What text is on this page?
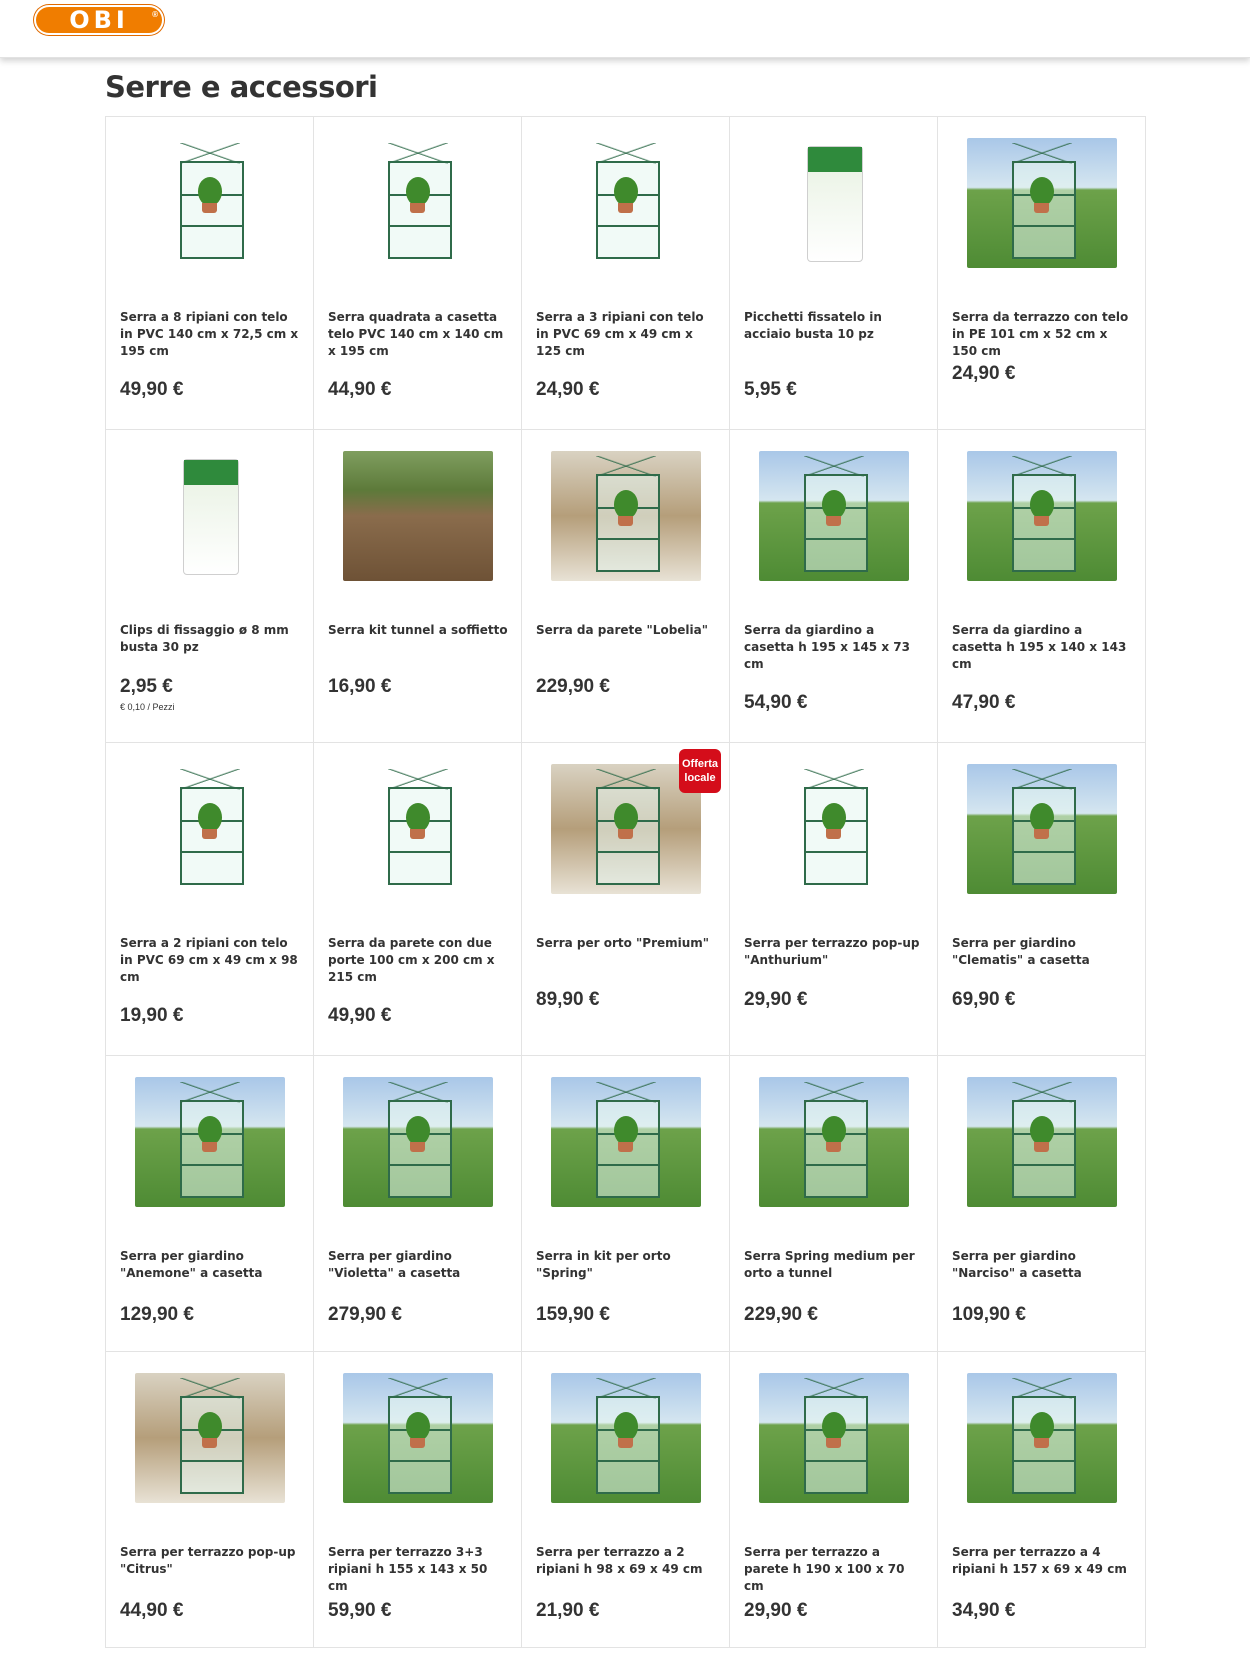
OBI	®
Serre e accessori
Serra a 8 ripiani con telo in PVC 140 cm x 72,5 cm x 195 cm
49,90 €
Serra quadrata a casetta telo PVC 140 cm x 140 cm x 195 cm
44,90 €
Serra a 3 ripiani con telo in PVC 69 cm x 49 cm x 125 cm
24,90 €
Picchetti fissatelo in acciaio busta 10 pz
5,95 €
Serra da terrazzo con telo in PE 101 cm x 52 cm x 150 cm
24,90 €
Clips di fissaggio ø 8 mm busta 30 pz
2,95 €
€ 0,10 / Pezzi
Serra kit tunnel a soffietto
16,90 €
Serra da parete "Lobelia"
229,90 €
Serra da giardino a casetta h 195 x 145 x 73 cm
54,90 €
Serra da giardino a casetta h 195 x 140 x 143 cm
47,90 €
Serra a 2 ripiani con telo in PVC 69 cm x 49 cm x 98 cm
19,90 €
Serra da parete con due porte 100 cm x 200 cm x 215 cm
49,90 €
Offerta
locale
Serra per orto "Premium"
89,90 €
Serra per terrazzo pop-up "Anthurium"
29,90 €
Serra per giardino "Clematis" a casetta
69,90 €
Serra per giardino "Anemone" a casetta
129,90 €
Serra per giardino "Violetta" a casetta
279,90 €
Serra in kit per orto "Spring"
159,90 €
Serra Spring medium per orto a tunnel
229,90 €
Serra per giardino "Narciso" a casetta
109,90 €
Serra per terrazzo pop-up "Citrus"
44,90 €
Serra per terrazzo 3+3 ripiani h 155 x 143 x 50 cm
59,90 €
Serra per terrazzo a 2 ripiani h 98 x 69 x 49 cm
21,90 €
Serra per terrazzo a parete h 190 x 100 x 70 cm
29,90 €
Serra per terrazzo a 4 ripiani h 157 x 69 x 49 cm
34,90 €
